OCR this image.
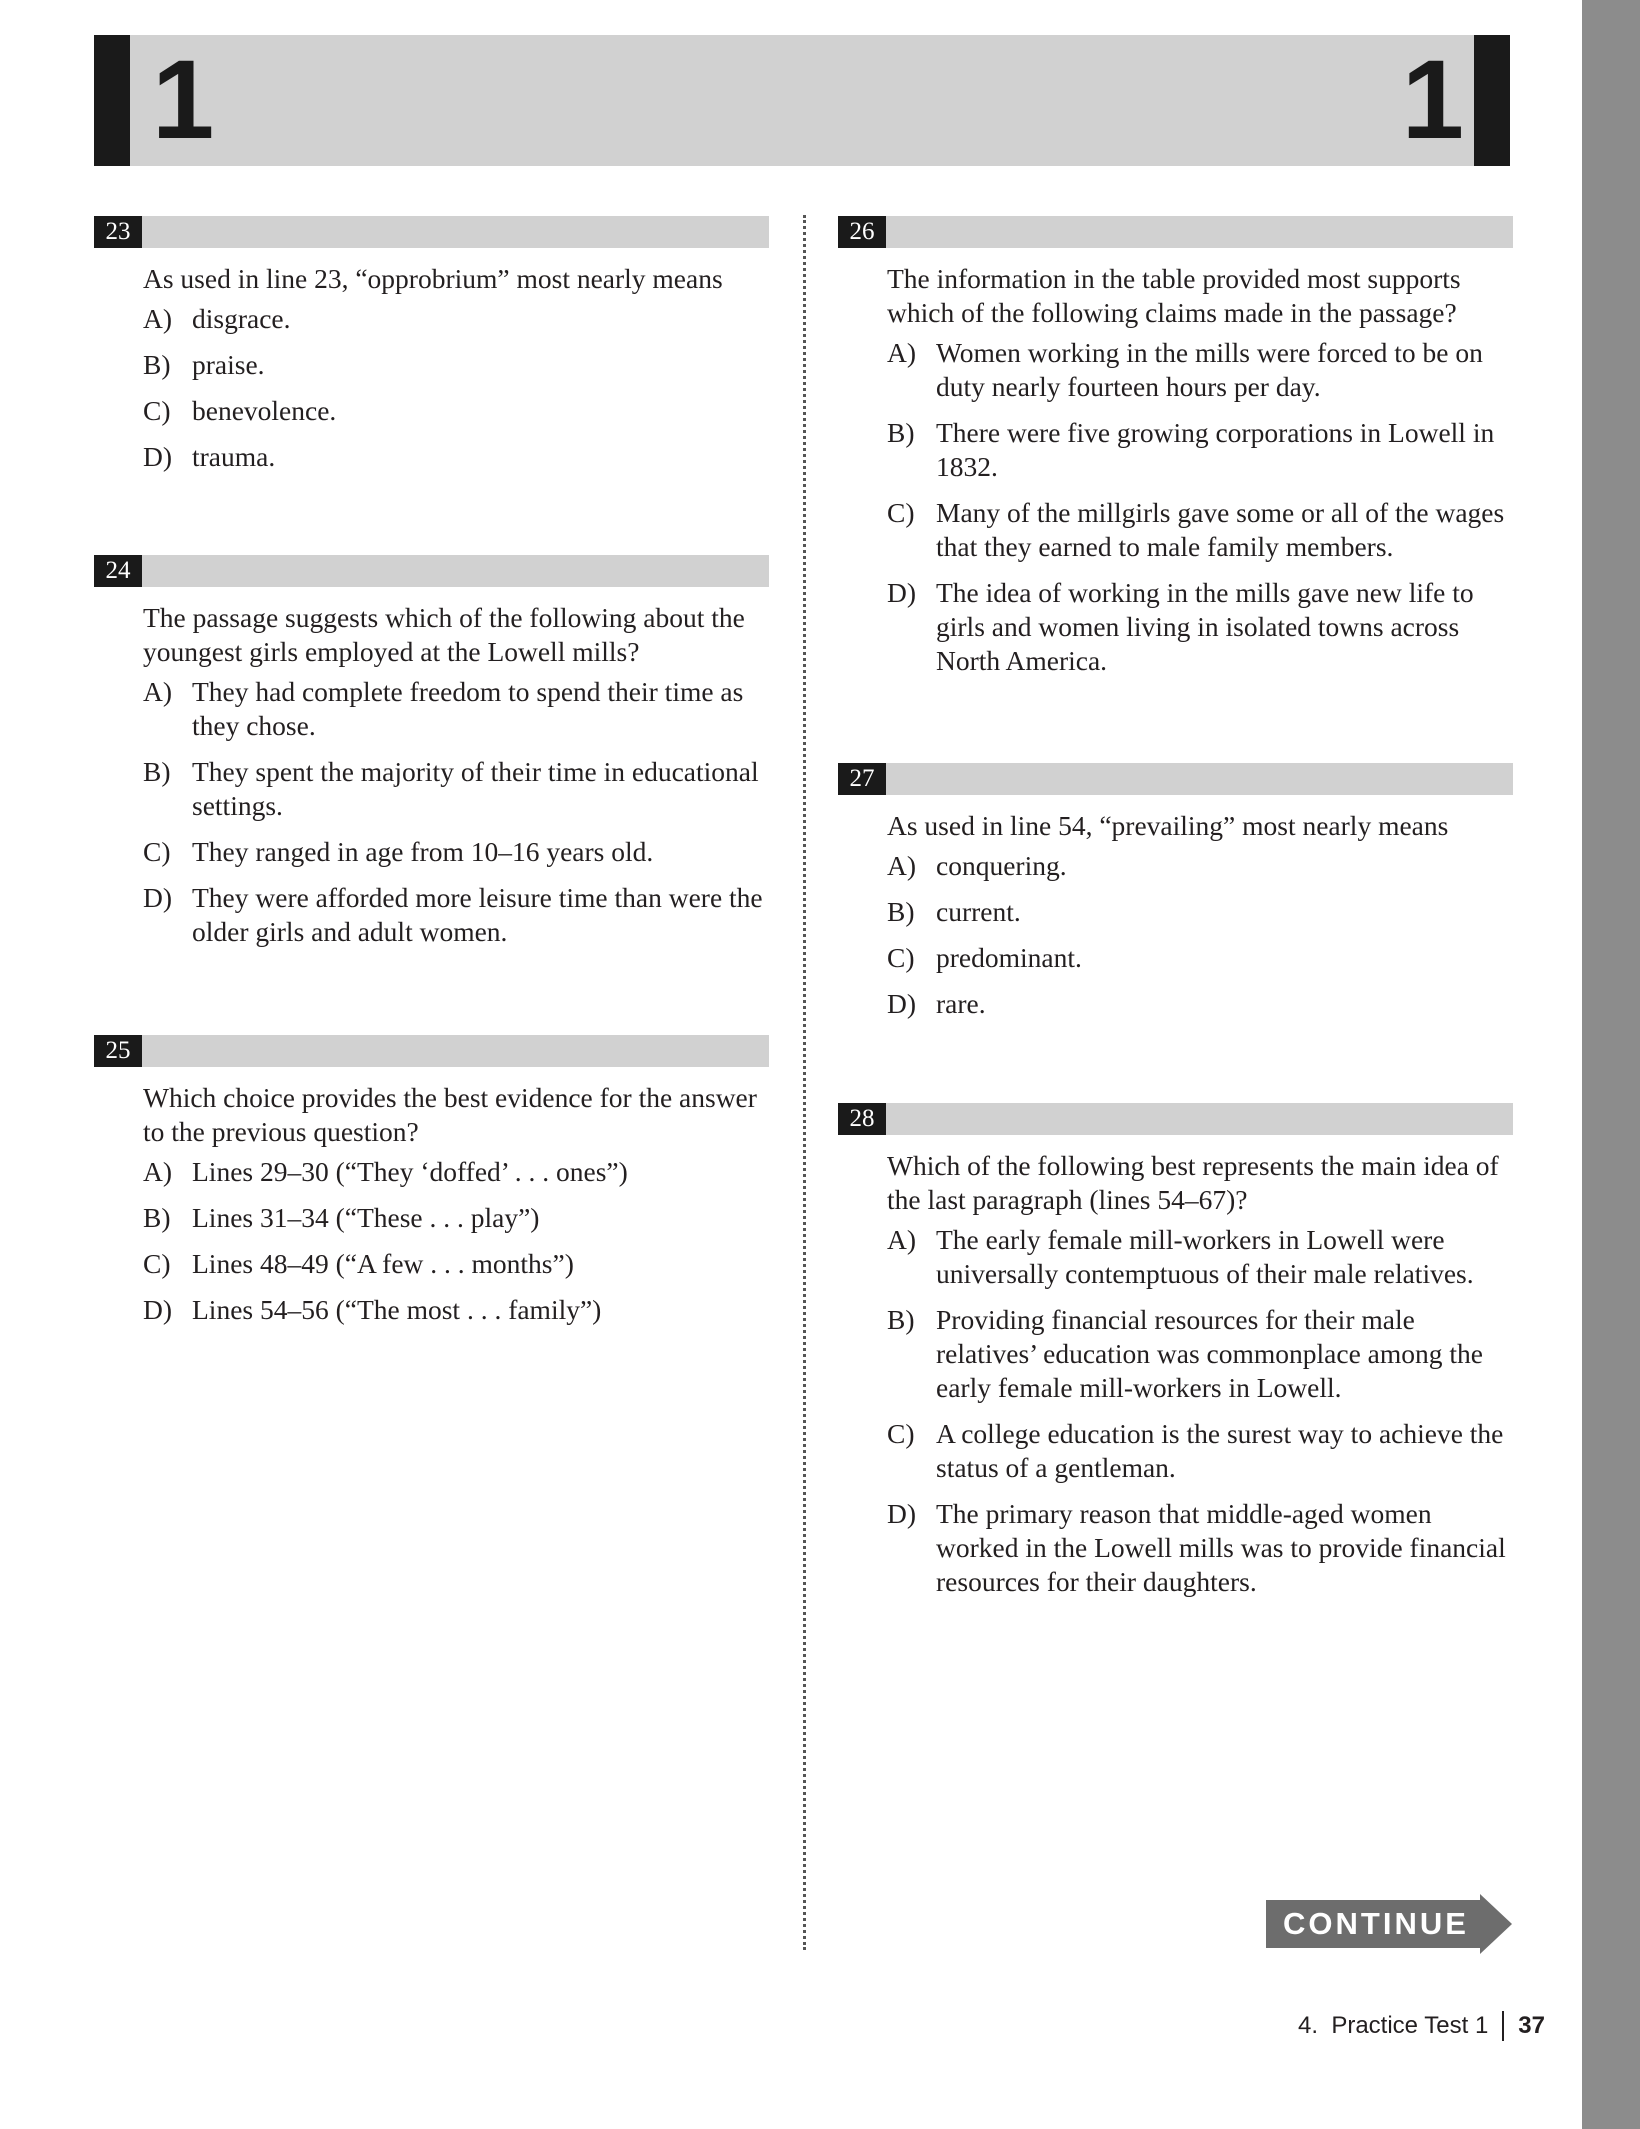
1	1
23

As used in line 23, “opprobrium” most nearly means

A) disgrace.
B) praise.
C) benevolence.
D) trauma.
24

The passage suggests which of the following about the youngest girls employed at the Lowell mills?

A) They had complete freedom to spend their time as they chose.
B) They spent the majority of their time in educational settings.
C) They ranged in age from 10–16 years old.
D) They were afforded more leisure time than were the older girls and adult women.
25

Which choice provides the best evidence for the answer to the previous question?

A) Lines 29–30 (“They ‘doffed’ . . . ones”)
B) Lines 31–34 (“These . . . play”)
C) Lines 48–49 (“A few . . . months”)
D) Lines 54–56 (“The most . . . family”)
26

The information in the table provided most supports which of the following claims made in the passage?

A) Women working in the mills were forced to be on duty nearly fourteen hours per day.
B) There were five growing corporations in Lowell in 1832.
C) Many of the millgirls gave some or all of the wages that they earned to male family members.
D) The idea of working in the mills gave new life to girls and women living in isolated towns across North America.
27

As used in line 54, “prevailing” most nearly means

A) conquering.
B) current.
C) predominant.
D) rare.
28

Which of the following best represents the main idea of the last paragraph (lines 54–67)?

A) The early female mill-workers in Lowell were universally contemptuous of their male relatives.
B) Providing financial resources for their male relatives’ education was commonplace among the early female mill-workers in Lowell.
C) A college education is the surest way to achieve the status of a gentleman.
D) The primary reason that middle-aged women worked in the Lowell mills was to provide financial resources for their daughters.
CONTINUE
4.  Practice Test 1 37
